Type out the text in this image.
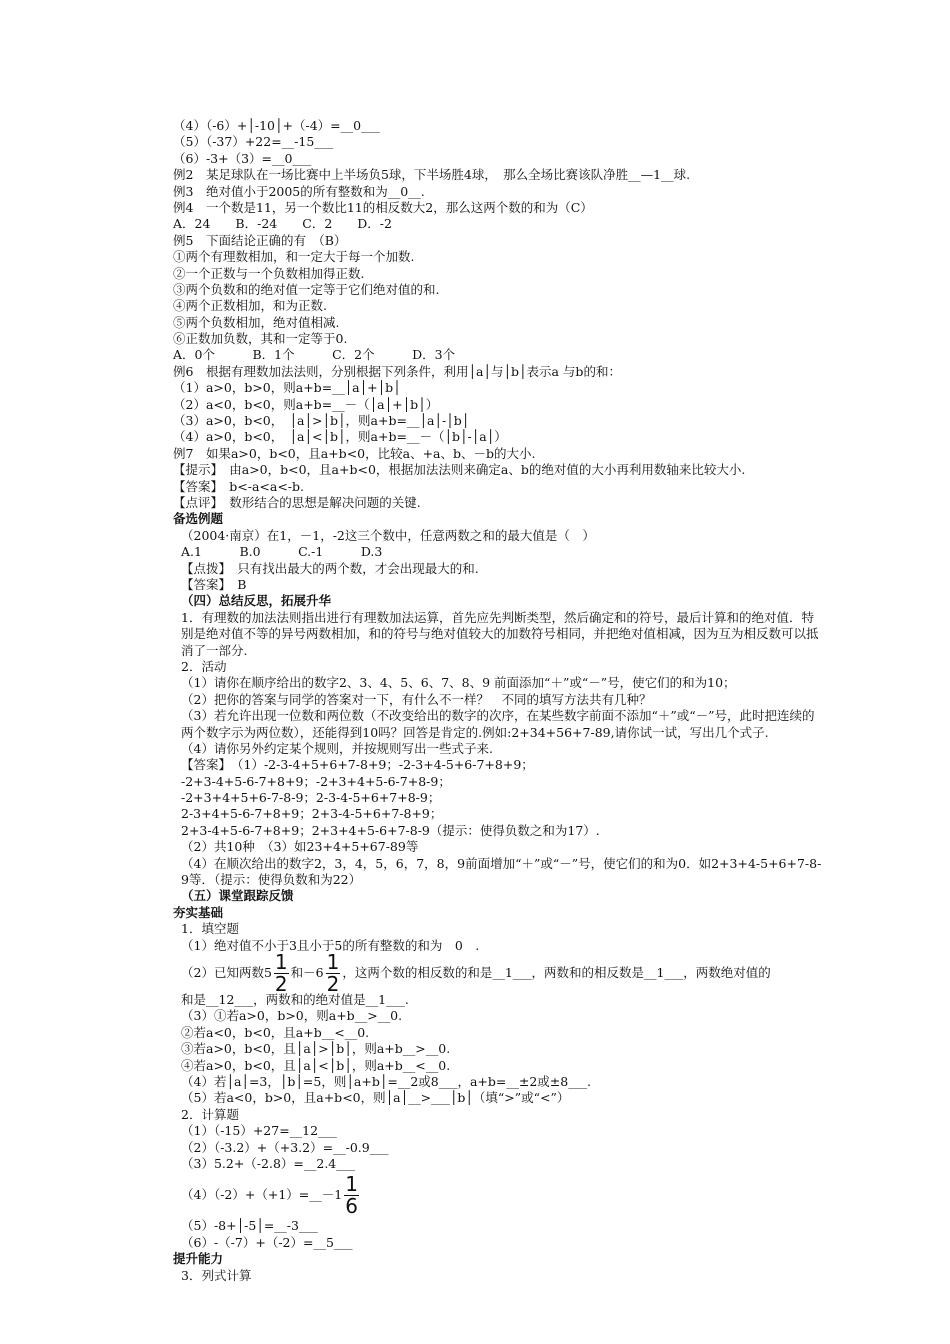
（4）（-6）+│-10│+（-4）=__0___
（5）（-37）+22=__-15___
（6）-3+（3）=__0___
例2　某足球队在一场比赛中上半场负5球，下半场胜4球，　那么全场比赛该队净胜__—1__球.
例3　绝对值小于2005的所有整数和为__0__.
例4　一个数是11，另一个数比11的相反数大2，那么这两个数的和为（C）
A．24　　B．-24　　C．2　　D．-2
例5　下面结论正确的有　（B）
①两个有理数相加，和一定大于每一个加数.
②一个正数与一个负数相加得正数.
③两个负数和的绝对值一定等于它们绝对值的和.
④两个正数相加，和为正数.
⑤两个负数相加，绝对值相减.
⑥正数加负数，其和一定等于0.
A．0个　　　B．1个　　　C．2个　　　D．3个
例6　根据有理数加法法则，分别根据下列条件，利用│a│与│b│表示a 与b的和：
（1）a>0，b>0，则a+b=__│a│+│b│
（2）a<0，b<0，则a+b=__－（│a│+│b│）
（3）a>0，b<0，　│a│>│b│，则a+b=__│a│-│b│
（4）a>0，b<0，　│a│<│b│，则a+b=__－（│b│-│a│）
例7　如果a>0，b<0，且a+b<0，比较a、+a、b、－b的大小.
【提示】　由a>0，b<0，且a+b<0，根据加法法则来确定a、b的绝对值的大小再利用数轴来比较大小.
【答案】　b<-a<a<-b.
【点评】　数形结合的思想是解决问题的关键.
备选例题
（2004·南京）在1，－1，-2这三个数中，任意两数之和的最大值是（　）
A.1　　　B.0　　　C.-1　　　D.3
【点拨】　只有找出最大的两个数，才会出现最大的和.
【答案】　B
（四）总结反思，拓展升华
1．有理数的加法法则指出进行有理数加法运算，首先应先判断类型，然后确定和的符号，最后计算和的绝对值．特别是绝对值不等的异号两数相加，和的符号与绝对值较大的加数符号相同，并把绝对值相减，因为互为相反数可以抵消了一部分.
2．活动
（1）请你在顺序给出的数字2、3、4、5、6、7、8、9 前面添加“＋”或“－”号，使它们的和为10；
（2）把你的答案与同学的答案对一下，有什么不一样？　不同的填写方法共有几种？
（3）若允许出现一位数和两位数（不改变给出的数字的次序，在某些数字前面不添加“＋”或“－”号，此时把连续的两个数字示为两位数），还能得到10吗？回答是肯定的.例如:2+34+56+7-89,请你试一试，写出几个式子.
（4）请你另外约定某个规则，并按规则写出一些式子来.
【答案】　（1）-2-3-4+5+6+7-8+9；-2-3+4-5+6-7+8+9；
-2+3-4+5-6-7+8+9；-2+3+4+5-6-7+8-9；
-2+3+4+5+6-7-8-9；2-3-4-5+6+7+8-9；
2-3+4+5-6-7+8+9；2+3-4-5+6+7-8+9；
2+3-4+5-6-7+8+9；2+3+4+5-6+7-8-9（提示：使得负数之和为17）.
（2）共10种　（3）如23+4+5+67-89等
（4）在顺次给出的数字2，3，4，5，6，7，8，9前面增加“＋”或“－”号，使它们的和为0．如2+3+4-5+6+7-8-9等．（提示：使得负数和为22）
（五）课堂跟踪反馈
夯实基础
1．填空题
（1）绝对值不小于3且小于5的所有整数的和为　0　.
（2）已知两数$5 \frac{1}{2}$ 和$-6 \frac{1}{2}$ ，这两个数的相反数的和是__1___，两数和的相反数是__1___，两数绝对值的
和是__12___，两数和的绝对值是__1___.
（3）①若a>0，b>0，则a+b__>__0.
②若a<0，b<0，且a+b__<__0.
③若a>0，b<0，且│a│>│b│，则a+b__>__0.
④若a>0，b<0，且│a│<│b│，则a+b__<__0.
（4）若│a│=3，│b│=5，则│a+b│=__2或8___，a+b=__±2或±8___.
（5）若a<0，b>0，且a+b<0，则│a│__>___│b│（填“>”或“<”）
2．计算题
（1）（-15）+27=__12___
（2）（-3.2）+（+3.2）=__-0.9___
（3）5.2+（-2.8）=__2.4___
（4）（-2）+（+1）=__－1 $\frac{1}{6}$
（5）-8+│-5│=__-3___
（6）-（-7）+（-2）=__5___
提升能力
3．列式计算
